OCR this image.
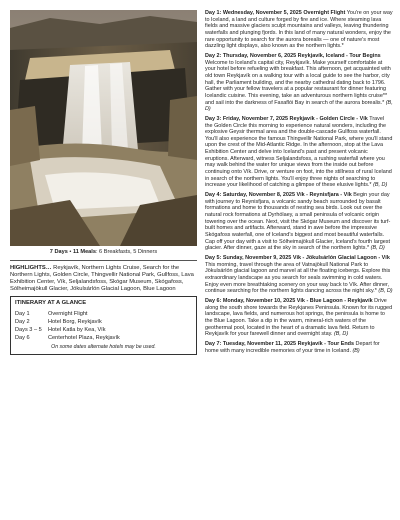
7 Days • 11 Meals: 6 Breakfasts, 5 Dinners
HIGHLIGHTS… Reykjavík, Northern Lights Cruise, Search for the Northern Lights, Golden Circle, Thingvellir National Park, Gullfoss, Lava Exhibition Center, Vík, Seljalandsfoss, Skógar Museum, Skógafoss, Sólheimajökull Glacier, Jökulsárlón Glacial Lagoon, Blue Lagoon
ITINERARY AT A GLANCE
Day 1	Overnight Flight
Day 2	Hotel Borg, Reykjavík
Days 3 – 5	Hotel Katla by Kea, Vík
Day 6	Centerhotel Plaza, Reykjavík
On some dates alternate hotels may be used.

Day 1: Wednesday, November 5, 2025 Overnight Flight You're on your way to Iceland, a land and culture forged by fire and ice. Where steaming lava fields and massive glaciers sculpt mountains and valleys, leaving thundering waterfalls and plunging fjords. In this land of many natural wonders, enjoy the rare opportunity to search for the aurora borealis — one of nature's most dazzling light displays, also known as the northern lights.*

Day 2: Thursday, November 6, 2025 Reykjavík, Iceland - Tour Begins Welcome to Iceland's capital city, Reykjavík. Make yourself comfortable at your hotel before refueling with breakfast. This afternoon, get acquainted with old town Reykjavík on a walking tour with a local guide to see the harbor, city hall, the Parliament building, and the nearby cathedral dating back to 1796. Gather with your fellow travelers at a popular restaurant for dinner featuring Icelandic cuisine. This evening, take an adventurous northern lights cruise** and sail into the darkness of Faxaflói Bay in search of the aurora borealis.* (B, D)

Day 3: Friday, November 7, 2025 Reykjavík - Golden Circle - Vík Travel the Golden Circle this morning to experience natural wonders, including the explosive Geysir thermal area and the double-cascade Gullfoss waterfall. You'll also experience the famous Thingvellir National Park, where you'll stand upon the crest of the Mid-Atlantic Ridge. In the afternoon, stop at the Lava Exhibition Center and delve into Iceland's past and present volcanic eruptions. Afterward, witness Seljalandsfoss, a rushing waterfall where you may walk behind the water for unique views from the inside out before continuing onto Vík. Drive, or venture on foot, into the stillness of rural Iceland in search of the northern lights. You'll enjoy three nights of searching to increase your likelihood of catching a glimpse of these elusive lights.* (B, D)

Day 4: Saturday, November 8, 2025 Vík - Reynisfjara - Vík Begin your day with journey to Reynisfjara, a volcanic sandy beach surrounded by basalt formations and home to thousands of nesting sea birds. Look out over the natural rock formations at Dyrhólaey, a small peninsula of volcanic origin towering over the ocean. Next, visit the Skógar Museum and discover its turf-built homes and artifacts. Afterward, stand in awe before the impressive Skógafoss waterfall, one of Iceland's biggest and most beautiful waterfalls. Cap off your day with a visit to Sólheimajökull Glacier, Iceland's fourth largest glacier. After dinner, gaze at the sky in search of the northern lights.* (B, D)

Day 5: Sunday, November 9, 2025 Vík - Jökulsárlón Glacial Lagoon - Vík This morning, travel through the area of Vatnajökull National Park to Jökulsárlón glacial lagoon and marvel at all the floating icebergs. Explore this extraordinary landscape as you search for seals swimming in cold waters. Enjoy even more breathtaking scenery on your way back to Vík. After dinner, continue searching for the northern lights dancing across the night sky.* (B, D)

Day 6: Monday, November 10, 2025 Vík - Blue Lagoon - Reykjavík Drive along the south shore towards the Reykjanes Peninsula. Known for its rugged landscape, lava fields, and numerous hot springs, the peninsula is home to the Blue Lagoon. Take a dip in the warm, mineral-rich waters of the geothermal pool, located in the heart of a dramatic lava field. Return to Reykjavík for your farewell dinner and overnight stay. (B, D)

Day 7: Tuesday, November 11, 2025 Reykjavík - Tour Ends Depart for home with many incredible memories of your time in Iceland. (B)
